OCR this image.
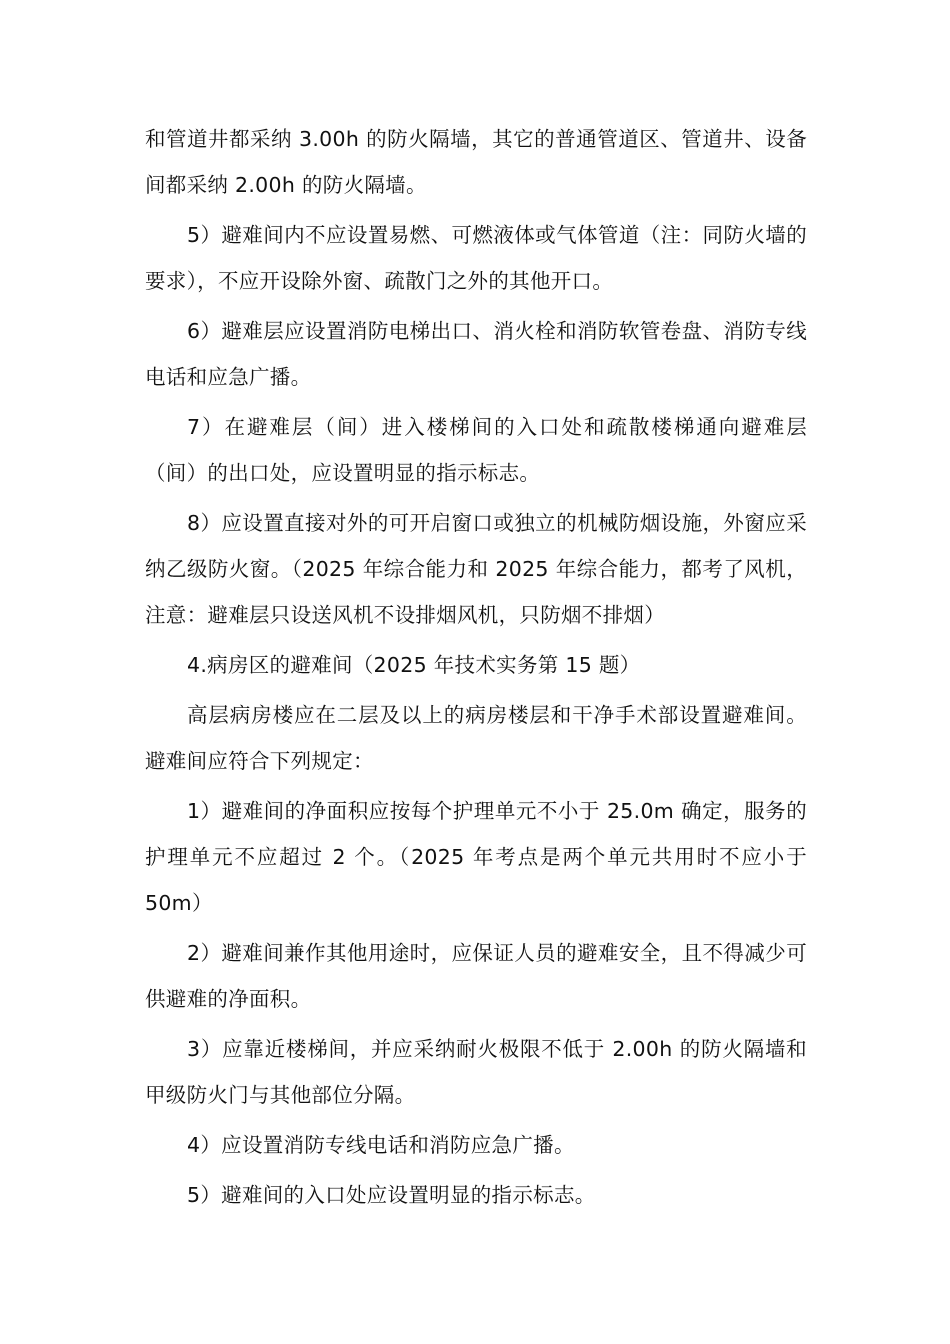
和管道井都采纳 3.00h 的防火隔墙，其它的普通管道区、管道井、设备间都采纳 2.00h 的防火隔墙。

5）避难间内不应设置易燃、可燃液体或气体管道（注：同防火墙的要求），不应开设除外窗、疏散门之外的其他开口。

6）避难层应设置消防电梯出口、消火栓和消防软管卷盘、消防专线电话和应急广播。

7）在避难层（间）进入楼梯间的入口处和疏散楼梯通向避难层（间）的出口处，应设置明显的指示标志。

8）应设置直接对外的可开启窗口或独立的机械防烟设施，外窗应采纳乙级防火窗。（2025 年综合能力和 2025 年综合能力，都考了风机，注意：避难层只设送风机不设排烟风机，只防烟不排烟）

4.病房区的避难间（2025 年技术实务第 15 题）

高层病房楼应在二层及以上的病房楼层和干净手术部设置避难间。避难间应符合下列规定：

1）避难间的净面积应按每个护理单元不小于 25.0m 确定，服务的护理单元不应超过 2 个。（2025 年考点是两个单元共用时不应小于 50m）

2）避难间兼作其他用途时，应保证人员的避难安全，且不得减少可供避难的净面积。

3）应靠近楼梯间，并应采纳耐火极限不低于 2.00h 的防火隔墙和甲级防火门与其他部位分隔。

4）应设置消防专线电话和消防应急广播。

5）避难间的入口处应设置明显的指示标志。
